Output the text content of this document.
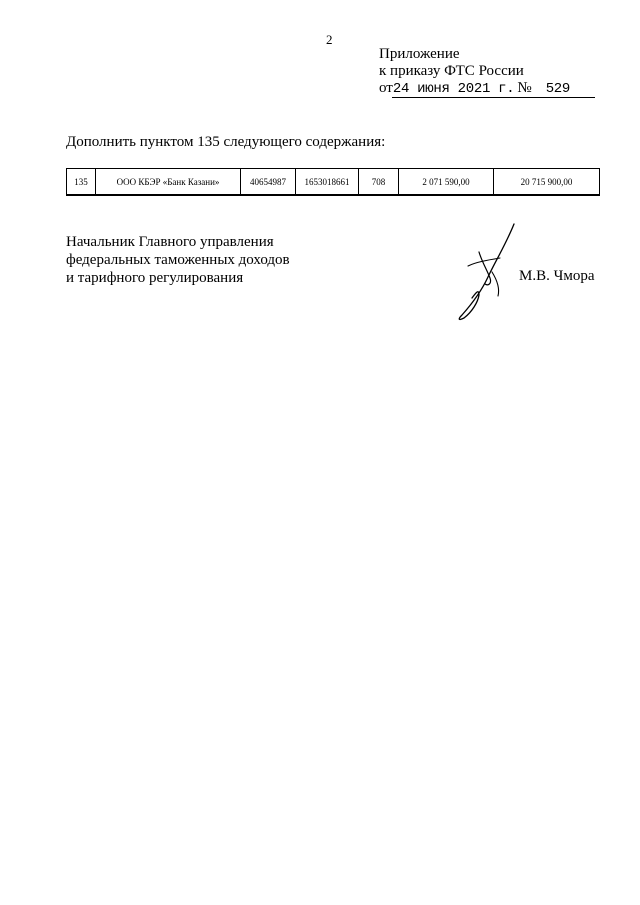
2
Приложение
к приказу ФТС России
от24 июня 2021 г. № 529
Дополнить пунктом 135 следующего содержания:
135	ООО КБЭР «Банк Казани»	40654987	1653018661	708	2 071 590,00	20 715 900,00
Начальник Главного управления
федеральных таможенных доходов
и тарифного регулирования	М.В. Чмора
